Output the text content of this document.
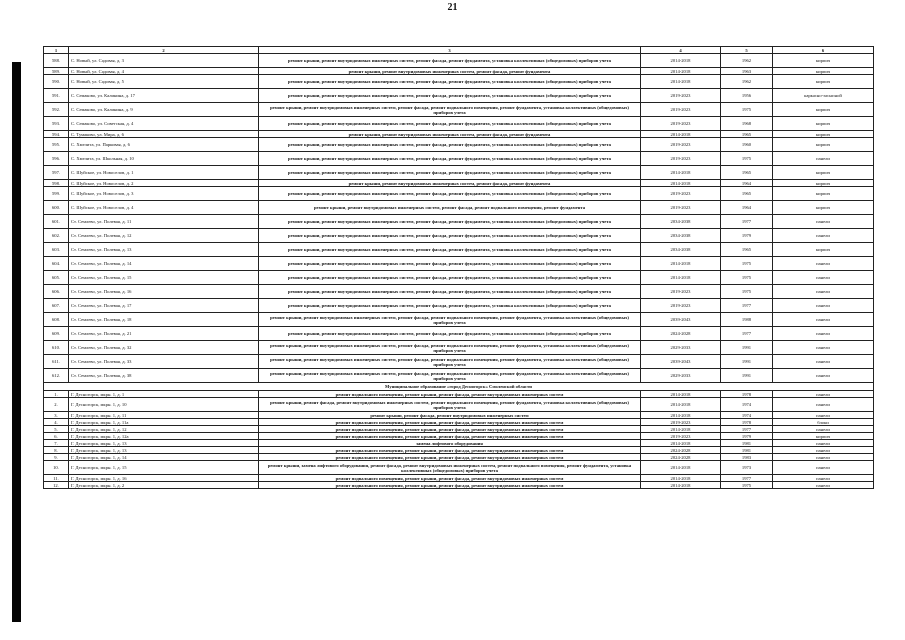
21
1	2	3	4	5	6
588.	С. Новый, ул. Садовая, д. 3	ремонт крыши, ремонт внутридомовых инженерных систем, ремонт фасада, ремонт фундамента, установка коллективных (общедомовых) приборов учета	2014-2018	1962	кирпич
589.	С. Новый, ул. Садовая, д. 4	ремонт крыши, ремонт внутридомовых инженерных систем, ремонт фасада, ремонт фундамента	2014-2018	1963	кирпич
590.	С. Новый, ул. Садовая, д. 5	ремонт крыши, ремонт внутридомовых инженерных систем, ремонт фасада, ремонт фундамента, установка коллективных (общедомовых) приборов учета	2014-2018	1962	кирпич
591.	С. Семаково, ул. Калинина, д. 17	ремонт крыши, ремонт внутридомовых инженерных систем, ремонт фасада, ремонт фундамента, установка коллективных (общедомовых) приборов учета	2019-2023	1956	каркасно-засыпной
592.	С. Семаково, ул. Калинина, д. 9	ремонт крыши, ремонт внутридомовых инженерных систем, ремонт фасада, ремонт подвального помещения, ремонт фундамента, установка коллективных (общедомовых) приборов учета	2019-2023	1975	кирпич
593.	С. Семаково, ул. Советская, д. 4	ремонт крыши, ремонт внутридомовых инженерных систем, ремонт фасада, ремонт фундамента, установка коллективных (общедомовых) приборов учета	2019-2023	1968	кирпич
594.	С. Тумаково, ул. Мира, д. 6	ремонт крыши, ремонт внутридомовых инженерных систем, ремонт фасада, ремонт фундамента	2014-2018	1965	кирпич
595.	С. Хмелита, ул. Парковая, д. 6	ремонт крыши, ремонт внутридомовых инженерных систем, ремонт фасада, ремонт фундамента, установка коллективных (общедомовых) приборов учета	2019-2023	1960	кирпич
596.	С. Хмелита, ул. Школьная, д. 10	ремонт крыши, ремонт внутридомовых инженерных систем, ремонт фасада, ремонт фундамента, установка коллективных (общедомовых) приборов учета	2019-2023	1975	панели
597.	С. Шуйское, ул. Новоселов, д. 1	ремонт крыши, ремонт внутридомовых инженерных систем, ремонт фасада, ремонт фундамента, установка коллективных (общедомовых) приборов учета	2014-2018	1965	кирпич
598.	С. Шуйское, ул. Новоселов, д. 2	ремонт крыши, ремонт внутридомовых инженерных систем, ремонт фасада, ремонт фундамента	2014-2018	1964	кирпич
599.	С. Шуйское, ул. Новоселов, д. 3	ремонт крыши, ремонт внутридомовых инженерных систем, ремонт фасада, ремонт фундамента, установка коллективных (общедомовых) приборов учета	2019-2023	1965	кирпич
600.	С. Шуйское, ул. Новоселов, д. 4	ремонт крыши, ремонт внутридомовых инженерных систем, ремонт фасада, ремонт подвального помещения, ремонт фундамента	2019-2023	1964	кирпич
601.	Ст. Семлево, ул. Полевая, д. 11	ремонт крыши, ремонт внутридомовых инженерных систем, ремонт фасада, ремонт фундамента, установка коллективных (общедомовых) приборов учета	2034-2038	1977	панели
602.	Ст. Семлево, ул. Полевая, д. 12	ремонт крыши, ремонт внутридомовых инженерных систем, ремонт фасада, ремонт фундамента, установка коллективных (общедомовых) приборов учета	2034-2038	1979	панели
603.	Ст. Семлево, ул. Полевая, д. 13	ремонт крыши, ремонт внутридомовых инженерных систем, ремонт фасада, ремонт фундамента, установка коллективных (общедомовых) приборов учета	2034-2038	1965	кирпич
604.	Ст. Семлево, ул. Полевая, д. 14	ремонт крыши, ремонт внутридомовых инженерных систем, ремонт фасада, ремонт фундамента, установка коллективных (общедомовых) приборов учета	2014-2018	1975	панели
605.	Ст. Семлево, ул. Полевая, д. 15	ремонт крыши, ремонт внутридомовых инженерных систем, ремонт фасада, ремонт фундамента, установка коллективных (общедомовых) приборов учета	2014-2018	1975	панели
606.	Ст. Семлево, ул. Полевая, д. 16	ремонт крыши, ремонт внутридомовых инженерных систем, ремонт фасада, ремонт фундамента, установка коллективных (общедомовых) приборов учета	2019-2023	1975	панели
607.	Ст. Семлево, ул. Полевая, д. 17	ремонт крыши, ремонт внутридомовых инженерных систем, ремонт фасада, ремонт фундамента, установка коллективных (общедомовых) приборов учета	2019-2023	1977	панели
608.	Ст. Семлево, ул. Полевая, д. 18	ремонт крыши, ремонт внутридомовых инженерных систем, ремонт фасада, ремонт подвального помещения, ремонт фундамента, установка коллективных (общедомовых) приборов учета	2039-2043	1988	панели
609.	Ст. Семлево, ул. Полевая, д. 21	ремонт крыши, ремонт внутридомовых инженерных систем, ремонт фасада, ремонт фундамента, установка коллективных (общедомовых) приборов учета	2024-2028	1977	панели
610.	Ст. Семлево, ул. Полевая, д. 32	ремонт крыши, ремонт внутридомовых инженерных систем, ремонт фасада, ремонт подвального помещения, ремонт фундамента, установка коллективных (общедомовых) приборов учета	2029-2033	1991	панели
611.	Ст. Семлево, ул. Полевая, д. 33	ремонт крыши, ремонт внутридомовых инженерных систем, ремонт фасада, ремонт подвального помещения, ремонт фундамента, установка коллективных (общедомовых) приборов учета	2039-2043	1991	панели
612.	Ст. Семлево, ул. Полевая, д. 38	ремонт крыши, ремонт внутридомовых инженерных систем, ремонт фасада, ремонт подвального помещения, ремонт фундамента, установка коллективных (общедомовых) приборов учета	2029-2033	1991	панели
Муниципальное образование «город Десногорск» Смоленской области					
1.	Г. Десногорск, мкрн. 1, д. 1	ремонт подвального помещения, ремонт крыши, ремонт фасада, ремонт внутридомовых инженерных систем	2014-2018	1978	панели
2.	Г. Десногорск, мкрн. 1, д. 10	ремонт крыши, ремонт фасада, ремонт внутридомовых инженерных систем, ремонт подвального помещения, ремонт фундамента, установка коллективных (общедомовых) приборов учета	2014-2018	1974	панели
3.	Г. Десногорск, мкрн. 1, д. 11	ремонт крыши, ремонт фасада, ремонт внутридомовых инженерных систем	2014-2018	1974	панели
4.	Г. Десногорск, мкрн. 1, д. 11а	ремонт подвального помещения, ремонт крыши, ремонт фасада, ремонт внутридомовых инженерных систем	2019-2023	1978	блоки
5.	Г. Десногорск, мкрн. 1, д. 12	ремонт подвального помещения, ремонт крыши, ремонт фасада, ремонт внутридомовых инженерных систем	2014-2018	1977	панели
6.	Г. Десногорск, мкрн. 1, д. 12а	ремонт подвального помещения, ремонт крыши, ремонт фасада, ремонт внутридомовых инженерных систем	2019-2023	1979	кирпич
7.	Г. Десногорск, мкрн. 1, д. 13	замена лифтового оборудования	2014-2018	1981	панели
8.	Г. Десногорск, мкрн. 1, д. 13	ремонт подвального помещения, ремонт крыши, ремонт фасада, ремонт внутридомовых инженерных систем	2024-2028	1981	панели
9.	Г. Десногорск, мкрн. 1, д. 14	ремонт подвального помещения, ремонт крыши, ремонт фасада, ремонт внутридомовых инженерных систем	2024-2028	1983	панели
10.	Г. Десногорск, мкрн. 1, д. 15	ремонт крыши, замена лифтового оборудования, ремонт фасада, ремонт внутридомовых инженерных систем, ремонт подвального помещения, ремонт фундамента, установка коллективных (общедомовых) приборов учета	2014-2018	1973	панели
11.	Г. Десногорск, мкрн. 1, д. 16	ремонт подвального помещения, ремонт крыши, ремонт фасада, ремонт внутридомовых инженерных систем	2014-2018	1977	панели
12.	Г. Десногорск, мкрн. 1, д. 2	ремонт подвального помещения, ремонт крыши, ремонт фасада, ремонт внутридомовых инженерных систем	2014-2018	1975	панели
